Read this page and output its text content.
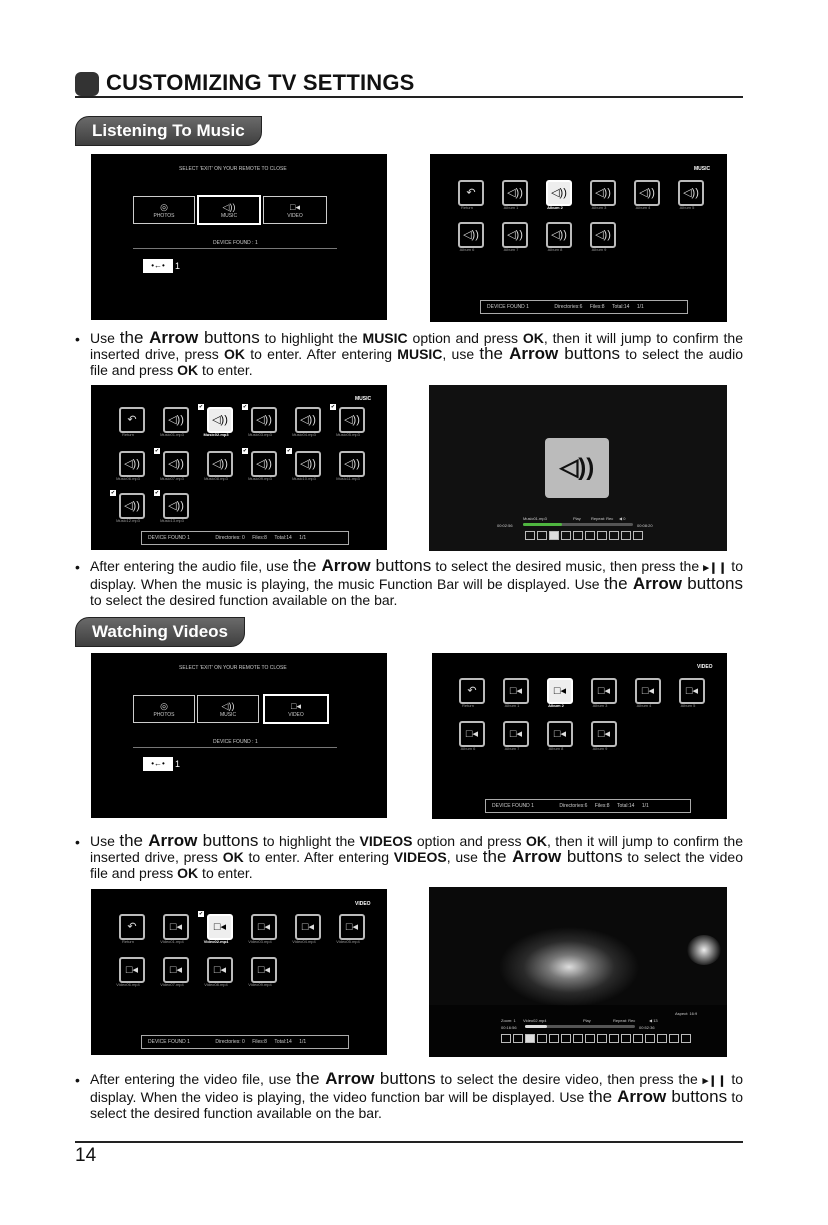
CUSTOMIZING TV SETTINGS
Listening To Music
SELECT 'EXIT' ON YOUR REMOTE TO CLOSE
◎
PHOTOS
◁))
MUSIC
□◂
VIDEO
DEVICE FOUND : 1
•←•	1
MUSIC
↶
Return
◁))
Album 1
◁))
Album 2
◁))
Album 3
◁))
Album 4
◁))
Album 5
◁))
Album 6
◁))
Album 7
◁))
Album 8
◁))
Album 9
DEVICE FOUND 1	Directories:6 Files:8 Total:14 1/1
• Use the Arrow buttons to highlight the MUSIC option and press OK, then it will jump to confirm the inserted drive, press OK to enter. After entering MUSIC, use the Arrow buttons to select the audio file and press OK to enter.
MUSIC
↶
Return
◁))
Music01.mp3
✔
◁))
Music02.mp3
✔
◁))
Music03.mp3
◁))
Music04.mp3
✔
◁))
Music05.mp3
◁))
Music06.mp3
✔
◁))
Music07.mp3
◁))
Music08.mp3
✔
◁))
Music09.mp3
✔
◁))
Music10.mp3
◁))
Music11.mp3
✔
◁))
Music12.mp3
✔
◁))
Music13.mp3
DEVICE FOUND 1	Directories: 0 Files:8 Total:14 1/1
◁))
Music01.mp3	Play	Repeat: Rec ◀ 0
00:02:56	00:08:20
• After entering the audio file, use the Arrow buttons to select the desired music, then press the ▸❙❙ to display. When the music is playing, the music Function Bar will be displayed. Use the Arrow buttons to select the desired function available on the bar.
Watching Videos
SELECT 'EXIT' ON YOUR REMOTE TO CLOSE
◎
PHOTOS
◁))
MUSIC
□◂
VIDEO
DEVICE FOUND : 1
•←•	1
VIDEO
↶
Return
□◂
Album 1
□◂
Album 2
□◂
Album 3
□◂
Album 4
□◂
Album 5
□◂
Album 6
□◂
Album 7
□◂
Album 8
□◂
Album 9
DEVICE FOUND 1	Directories:6 Files:8 Total:14 1/1
• Use the Arrow buttons to highlight the VIDEOS option and press OK, then it will jump to confirm the inserted drive, press OK to enter. After entering VIDEOS, use the Arrow buttons to select the video file and press OK to enter.
VIDEO
↶
Return
□◂
Video01.mp4
✔
□◂
Video02.mp4
□◂
Video03.mp4
□◂
Video04.mp4
□◂
Video05.mp4
□◂
Video06.mp4
□◂
Video07.mp4
□◂
Video08.mp4
□◂
Video09.mp4
DEVICE FOUND 1	Directories: 0 Files:8 Total:14 1/1
Aspect: 16:9
Zoom: 1 Video02.mp4	Play	Repeat: Rec	◀ 13
00:16:56	00:52:36
• After entering the video file, use the Arrow buttons to select the desire video, then press the ▸❙❙ to display. When the video is playing, the video function bar will be displayed. Use the Arrow buttons to select the desired function available on the bar.
14
